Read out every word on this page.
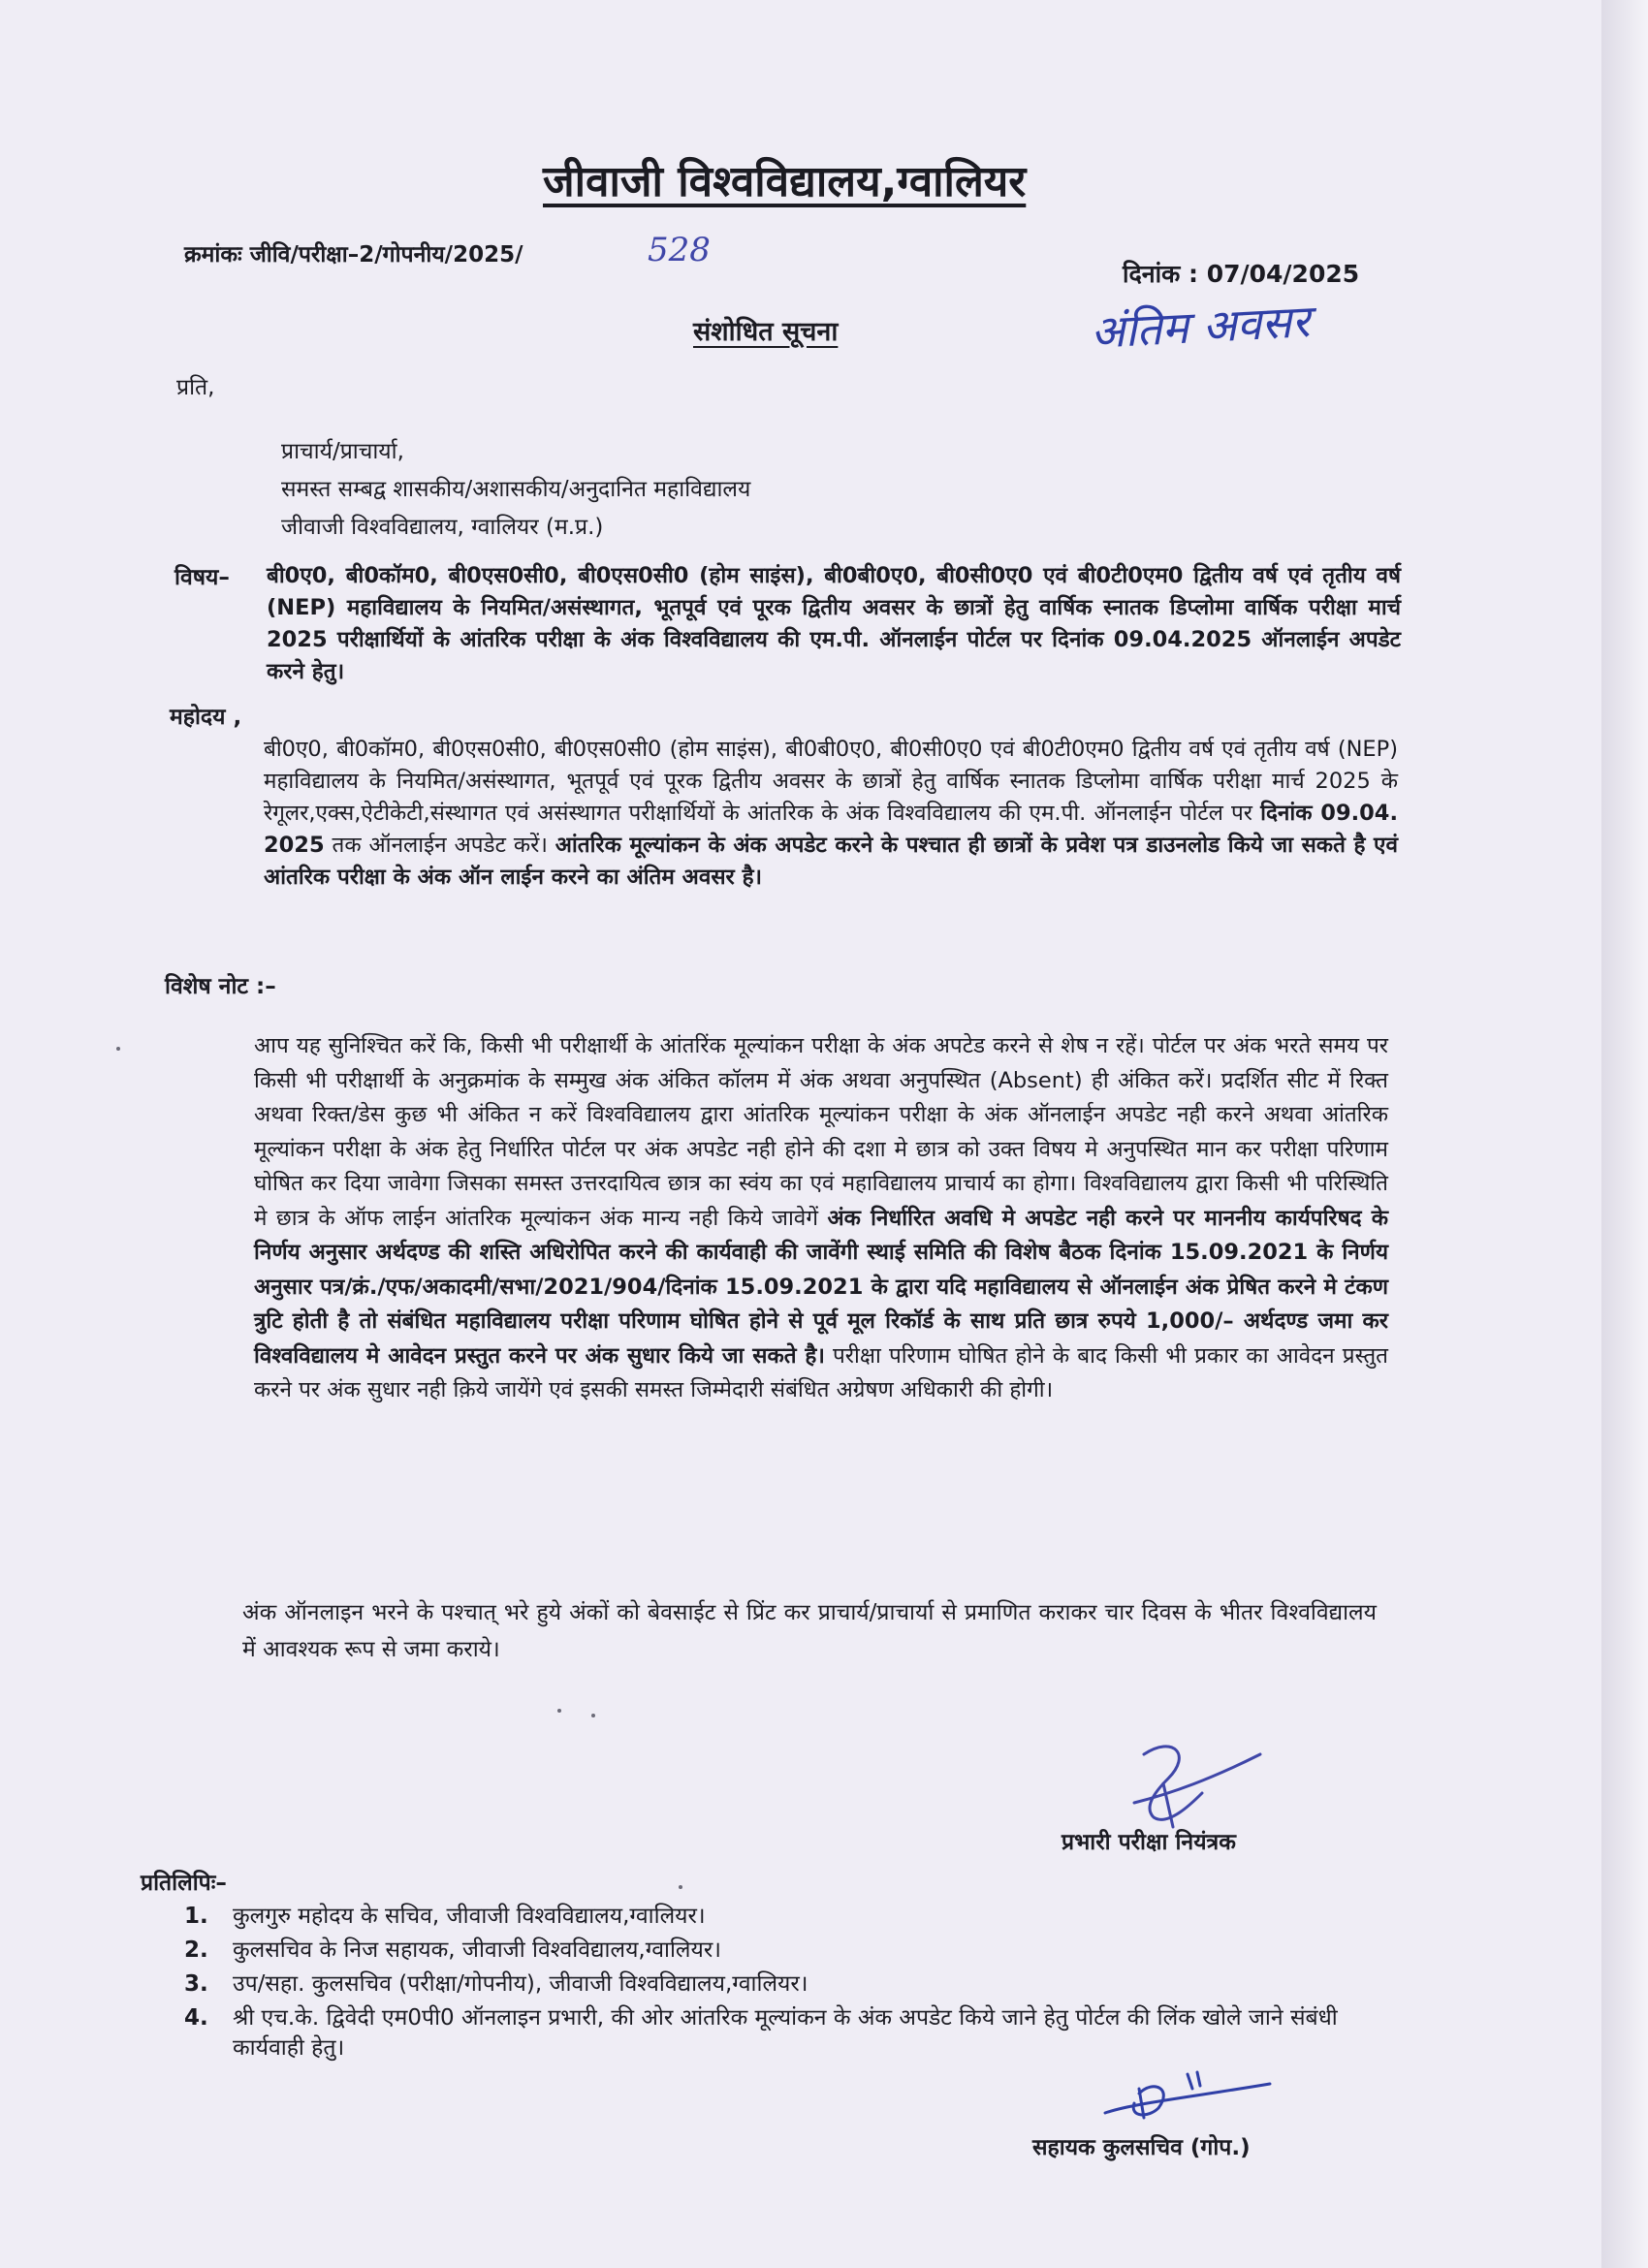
जीवाजी विश्वविद्यालय,ग्वालियर
क्रमांकः जीवि/परीक्षा–2/गोपनीय/2025/	528
दिनांक : 07/04/2025
संशोधित सूचना	अंतिम अवसर
प्रति,
प्राचार्य/प्राचार्या,
समस्त सम्बद्व शासकीय/अशासकीय/अनुदानित महाविद्यालय
जीवाजी विश्वविद्यालय, ग्वालियर (म.प्र.)
विषय– बी0ए0, बी0कॉम0, बी0एस0सी0, बी0एस0सी0 (होम साइंस), बी0बी0ए0, बी0सी0ए0 एवं बी0टी0एम0 द्वितीय वर्ष एवं तृतीय वर्ष (NEP) महाविद्यालय के नियमित/असंस्थागत, भूतपूर्व एवं पूरक द्वितीय अवसर के छात्रों हेतु वार्षिक स्नातक डिप्लोमा वार्षिक परीक्षा मार्च 2025 परीक्षार्थियों के आंतरिक परीक्षा के अंक विश्वविद्यालय की एम.पी. ऑनलाईन पोर्टल पर दिनांक 09.04.2025 ऑनलाईन अपडेट करने हेतु।
महोदय ,
बी0ए0, बी0कॉम0, बी0एस0सी0, बी0एस0सी0 (होम साइंस), बी0बी0ए0, बी0सी0ए0 एवं बी0टी0एम0 द्वितीय वर्ष एवं तृतीय वर्ष (NEP) महाविद्यालय के नियमित/असंस्थागत, भूतपूर्व एवं पूरक द्वितीय अवसर के छात्रों हेतु वार्षिक स्नातक डिप्लोमा वार्षिक परीक्षा मार्च 2025 के रेगूलर,एक्स,ऐटीकेटी,संस्थागत एवं असंस्थागत परीक्षार्थियों के आंतरिक के अंक विश्वविद्यालय की एम.पी. ऑनलाईन पोर्टल पर दिनांक 09.04. 2025 तक ऑनलाईन अपडेट करें। आंतरिक मूल्यांकन के अंक अपडेट करने के पश्चात ही छात्रों के प्रवेश पत्र डाउनलोड किये जा सकते है एवं आंतरिक परीक्षा के अंक ऑन लाईन करने का अंतिम अवसर है।
विशेष नोट :–
आप यह सुनिश्चित करें कि, किसी भी परीक्षार्थी के आंतरिंक मूल्यांकन परीक्षा के अंक अपटेड करने से शेष न रहें। पोर्टल पर अंक भरते समय पर किसी भी परीक्षार्थी के अनुक्रमांक के सम्मुख अंक अंकित कॉलम में अंक अथवा अनुपस्थित (Absent) ही अंकित करें। प्रदर्शित सीट में रिक्त अथवा रिक्त/डेस कुछ भी अंकित न करें विश्वविद्यालय द्वारा आंतरिक मूल्यांकन परीक्षा के अंक ऑनलाईन अपडेट नही करने अथवा आंतरिक मूल्यांकन परीक्षा के अंक हेतु निर्धारित पोर्टल पर अंक अपडेट नही होने की दशा मे छात्र को उक्त विषय मे अनुपस्थित मान कर परीक्षा परिणाम घोषित कर दिया जावेगा जिसका समस्त उत्तरदायित्व छात्र का स्वंय का एवं महाविद्यालय प्राचार्य का होगा। विश्वविद्यालय द्वारा किसी भी परिस्थिति मे छात्र के ऑफ लाईन आंतरिक मूल्यांकन अंक मान्य नही किये जावेगें अंक निर्धारित अवधि मे अपडेट नही करने पर माननीय कार्यपरिषद के निर्णय अनुसार अर्थदण्ड की शस्ति अधिरोपित करने की कार्यवाही की जावेंगी स्थाई समिति की विशेष बैठक दिनांक 15.09.2021 के निर्णय अनुसार पत्र/क्रं./एफ/अकादमी/सभा/2021/904/दिनांक 15.09.2021 के द्वारा यदि महाविद्यालय से ऑनलाईन अंक प्रेषित करने मे टंकण त्रुटि होती है तो संबंधित महाविद्यालय परीक्षा परिणाम घोषित होने से पूर्व मूल रिकॉर्ड के साथ प्रति छात्र रुपये 1,000/– अर्थदण्ड जमा कर विश्वविद्यालय मे आवेदन प्रस्तुत करने पर अंक सुधार किये जा सकते है। परीक्षा परिणाम घोषित होने के बाद किसी भी प्रकार का आवेदन प्रस्तुत करने पर अंक सुधार नही क़िये जायेंगे एवं इसकी समस्त जिम्मेदारी संबंधित अग्रेषण अधिकारी की होगी।
अंक ऑनलाइन भरने के पश्चात् भरे हुये अंकों को बेवसाईट से प्रिंट कर प्राचार्य/प्राचार्या से प्रमाणित कराकर चार दिवस के भीतर विश्वविद्यालय में आवश्यक रूप से जमा कराये।
प्रभारी परीक्षा नियंत्रक
प्रतिलिपिः–
1.	कुलगुरु महोदय के सचिव, जीवाजी विश्वविद्यालय,ग्वालियर।
2.	कुलसचिव के निज सहायक, जीवाजी विश्वविद्यालय,ग्वालियर।
3.	उप/सहा. कुलसचिव (परीक्षा/गोपनीय), जीवाजी विश्वविद्यालय,ग्वालियर।
4.	श्री एच.के. द्विवेदी एम0पी0 ऑनलाइन प्रभारी, की ओर आंतरिक मूल्यांकन के अंक अपडेट किये जाने हेतु पोर्टल की लिंक खोले जाने संबंधी कार्यवाही हेतु।
सहायक कुलसचिव (गोप.)
